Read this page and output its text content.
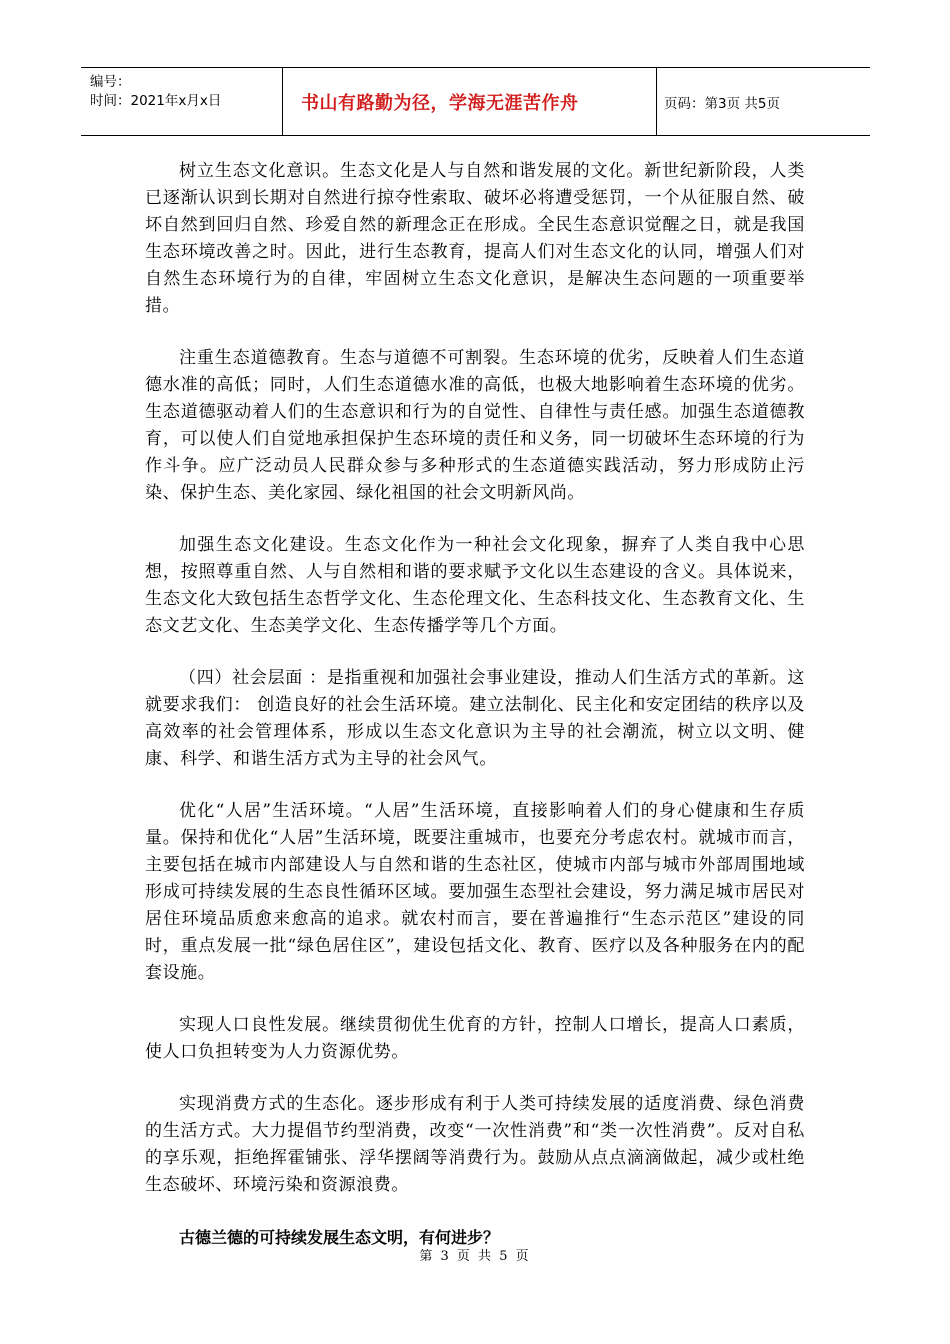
编号：
时间：2021年x月x日	书山有路勤为径，学海无涯苦作舟	页码：第3页 共5页

树立生态文化意识。生态文化是人与自然和谐发展的文化。新世纪新阶段，人类已逐渐认识到长期对自然进行掠夺性索取、破坏必将遭受惩罚，一个从征服自然、破坏自然到回归自然、珍爱自然的新理念正在形成。全民生态意识觉醒之日，就是我国生态环境改善之时。因此，进行生态教育，提高人们对生态文化的认同，增强人们对自然生态环境行为的自律，牢固树立生态文化意识，是解决生态问题的一项重要举措。

注重生态道德教育。生态与道德不可割裂。生态环境的优劣，反映着人们生态道德水准的高低；同时，人们生态道德水准的高低，也极大地影响着生态环境的优劣。生态道德驱动着人们的生态意识和行为的自觉性、自律性与责任感。加强生态道德教育，可以使人们自觉地承担保护生态环境的责任和义务，同一切破坏生态环境的行为作斗争。应广泛动员人民群众参与多种形式的生态道德实践活动，努力形成防止污染、保护生态、美化家园、绿化祖国的社会文明新风尚。

加强生态文化建设。生态文化作为一种社会文化现象，摒弃了人类自我中心思想，按照尊重自然、人与自然相和谐的要求赋予文化以生态建设的含义。具体说来，生态文化大致包括生态哲学文化、生态伦理文化、生态科技文化、生态教育文化、生态文艺文化、生态美学文化、生态传播学等几个方面。

（四）社会层面 ：是指重视和加强社会事业建设，推动人们生活方式的革新。这就要求我们： 创造良好的社会生活环境。建立法制化、民主化和安定团结的秩序以及高效率的社会管理体系，形成以生态文化意识为主导的社会潮流，树立以文明、健康、科学、和谐生活方式为主导的社会风气。

优化“人居”生活环境。“人居”生活环境，直接影响着人们的身心健康和生存质量。保持和优化“人居”生活环境，既要注重城市，也要充分考虑农村。就城市而言，主要包括在城市内部建设人与自然和谐的生态社区，使城市内部与城市外部周围地域形成可持续发展的生态良性循环区域。要加强生态型社会建设，努力满足城市居民对居住环境品质愈来愈高的追求。就农村而言，要在普遍推行“生态示范区”建设的同时，重点发展一批“绿色居住区”，建设包括文化、教育、医疗以及各种服务在内的配套设施。

实现人口良性发展。继续贯彻优生优育的方针，控制人口增长，提高人口素质，使人口负担转变为人力资源优势。

实现消费方式的生态化。逐步形成有利于人类可持续发展的适度消费、绿色消费的生活方式。大力提倡节约型消费，改变“一次性消费”和“类一次性消费”。反对自私的享乐观，拒绝挥霍铺张、浮华摆阔等消费行为。鼓励从点点滴滴做起，减少或杜绝生态破坏、环境污染和资源浪费。

古德兰德的可持续发展生态文明，有何进步？
第 3 页 共 5 页
